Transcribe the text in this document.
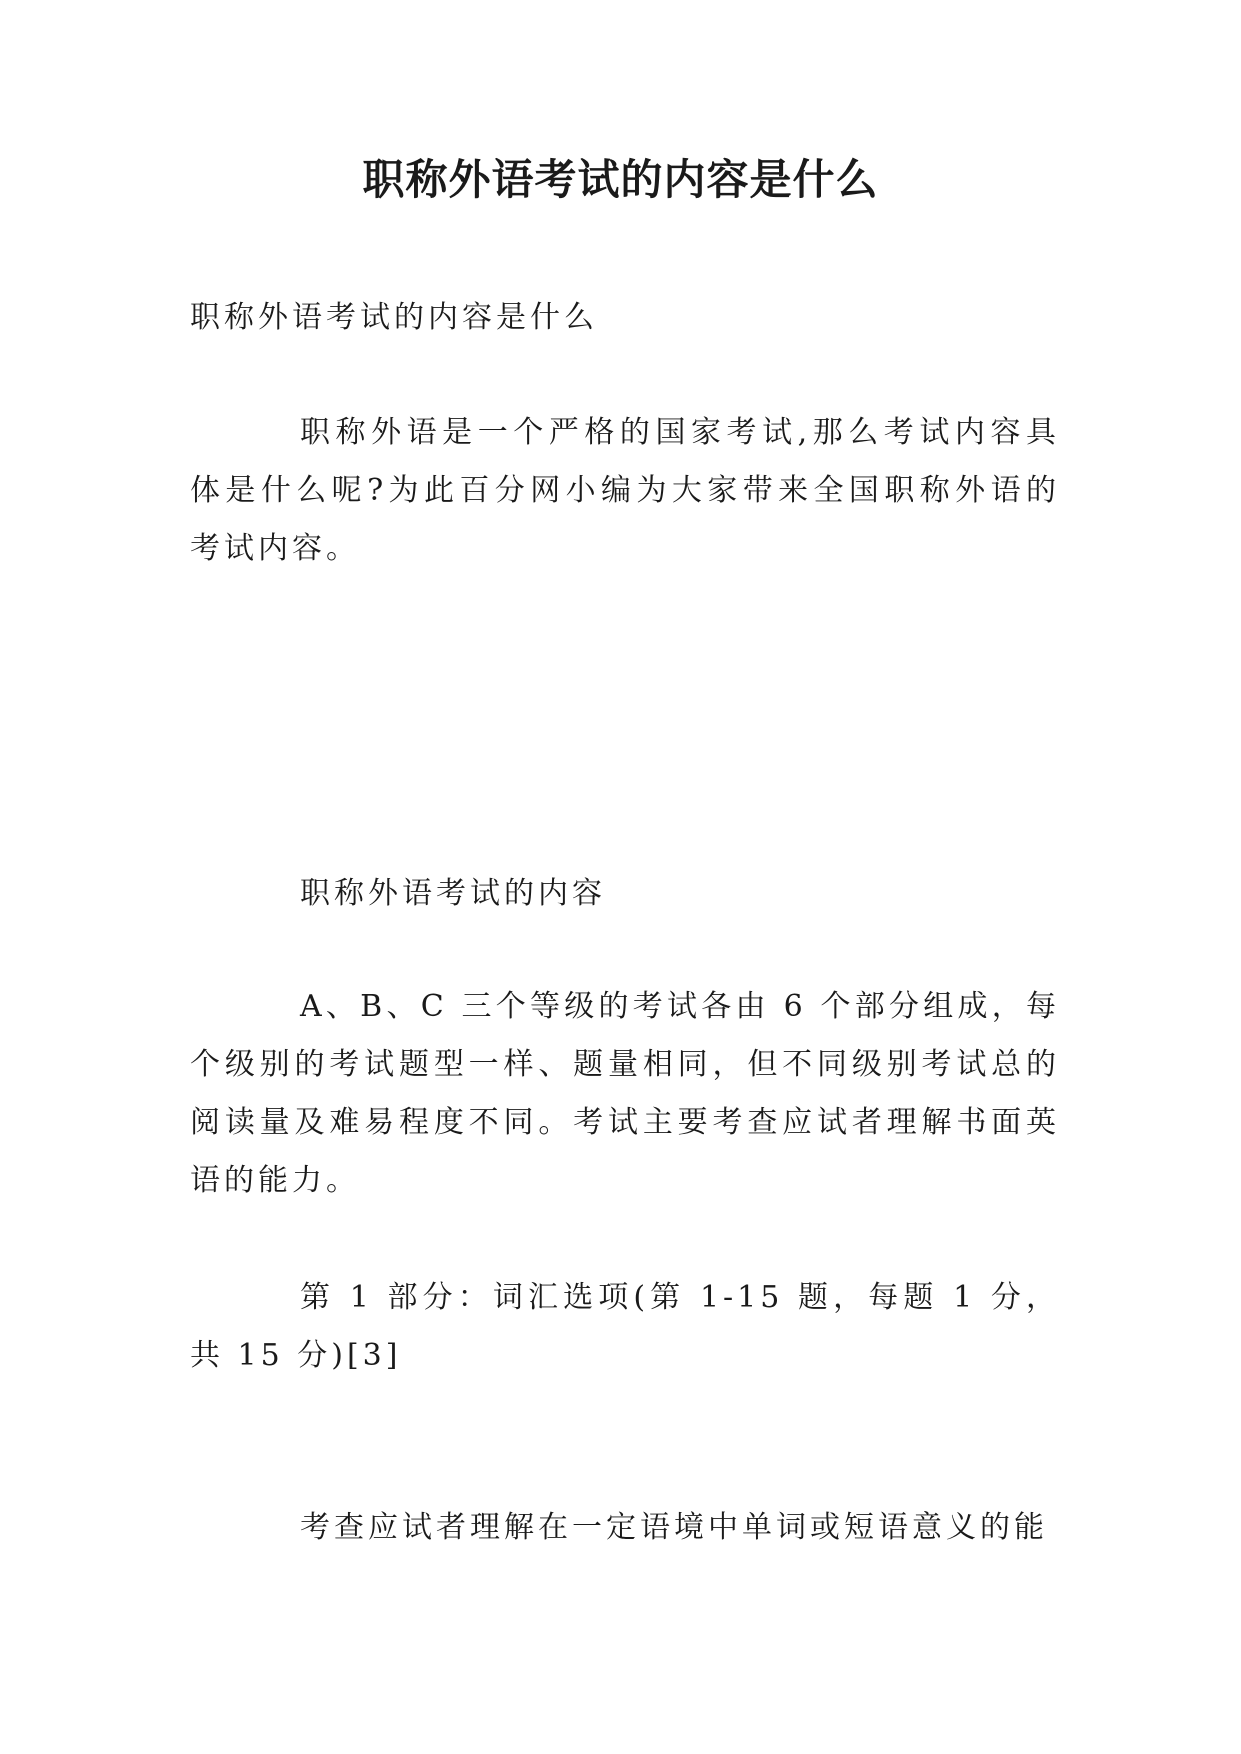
职称外语考试的内容是什么

职称外语考试的内容是什么

职称外语是一个严格的国家考试,那么考试内容具体是什么呢?为此百分网小编为大家带来全国职称外语的考试内容。

职称外语考试的内容

A、B、C 三个等级的考试各由 6 个部分组成，每个级别的考试题型一样、题量相同，但不同级别考试总的阅读量及难易程度不同。考试主要考查应试者理解书面英语的能力。

第 1 部分：词汇选项(第 1-15 题，每题 1 分，共 15 分)[3]

考查应试者理解在一定语境中单词或短语意义的能
